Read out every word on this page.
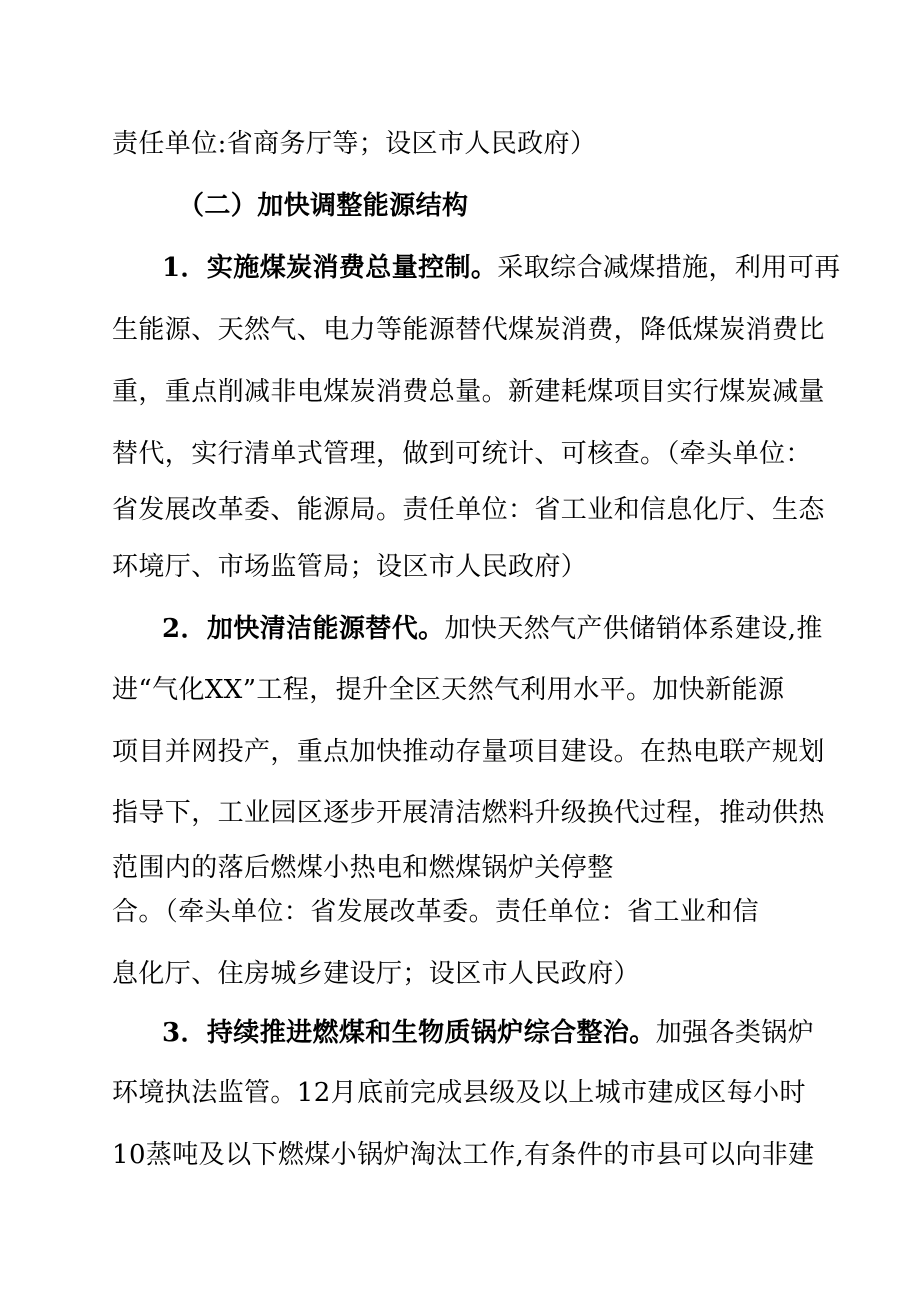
责任单位:省商务厅等；设区市人民政府）
（二）加快调整能源结构
1．实施煤炭消费总量控制。采取综合减煤措施，利用可再
生能源、天然气、电力等能源替代煤炭消费，降低煤炭消费比
重，重点削减非电煤炭消费总量。新建耗煤项目实行煤炭减量
替代，实行清单式管理，做到可统计、可核查。（牵头单位：
省发展改革委、能源局。责任单位：省工业和信息化厅、生态
环境厅、市场监管局；设区市人民政府）
2．加快清洁能源替代。加快天然气产供储销体系建设,推
进“气化XX”工程，提升全区天然气利用水平。加快新能源
项目并网投产，重点加快推动存量项目建设。在热电联产规划
指导下，工业园区逐步开展清洁燃料升级换代过程，推动供热
范围内的落后燃煤小热电和燃煤锅炉关停整
合。（牵头单位：省发展改革委。责任单位：省工业和信
息化厅、住房城乡建设厅；设区市人民政府）
3．持续推进燃煤和生物质锅炉综合整治。加强各类锅炉
环境执法监管。12月底前完成县级及以上城市建成区每小时
10蒸吨及以下燃煤小锅炉淘汰工作,有条件的市县可以向非建
